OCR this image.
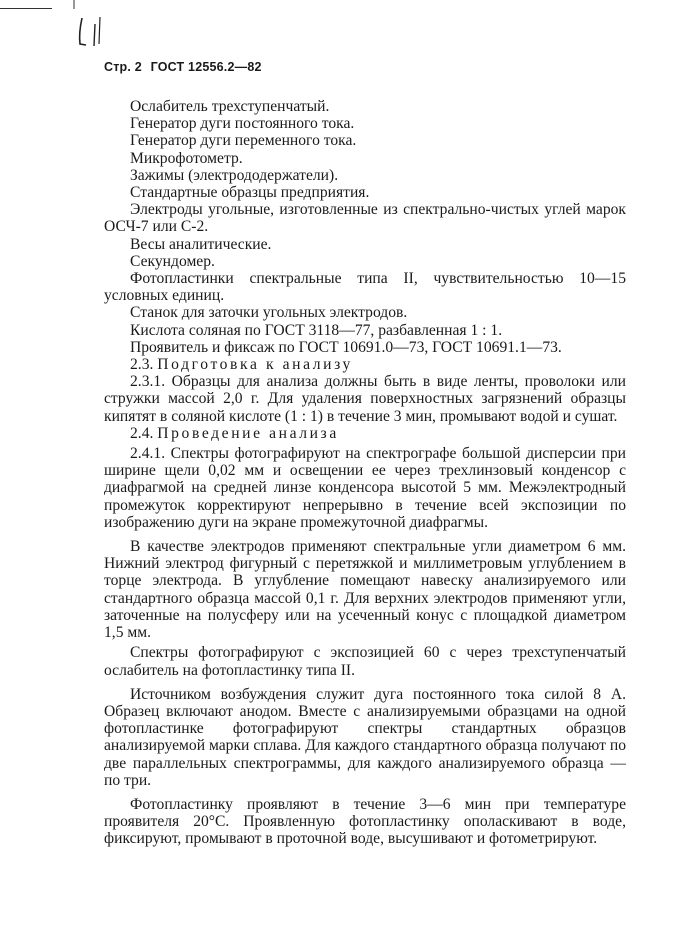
Стр. 2 ГОСТ 12556.2—82

Ослабитель трехступенчатый.

Генератор дуги постоянного тока.

Генератор дуги переменного тока.

Микрофотометр.

Зажимы (электрододержатели).

Стандартные образцы предприятия.

Электроды угольные, изготовленные из спектрально-чистых углей марок ОСЧ-7 или С-2.

Весы аналитические.

Секундомер.

Фотопластинки спектральные типа II, чувствительностью 10—15 условных единиц.

Станок для заточки угольных электродов.

Кислота соляная по ГОСТ 3118—77, разбавленная 1 : 1.

Проявитель и фиксаж по ГОСТ 10691.0—73, ГОСТ 10691.1—73.

2.3. Подготовка к анализу

2.3.1. Образцы для анализа должны быть в виде ленты, проволоки или стружки массой 2,0 г. Для удаления поверхностных загрязнений образцы кипятят в соляной кислоте (1 : 1) в течение 3 мин, промывают водой и сушат.

2.4. Проведение анализа

2.4.1. Спектры фотографируют на спектрографе большой дисперсии при ширине щели 0,02 мм и освещении ее через трехлинзовый конденсор с диафрагмой на средней линзе конденсора высотой 5 мм. Межэлектродный промежуток корректируют непрерывно в течение всей экспозиции по изображению дуги на экране промежуточной диафрагмы.

В качестве электродов применяют спектральные угли диаметром 6 мм. Нижний электрод фигурный с перетяжкой и миллиметровым углублением в торце электрода. В углубление помещают навеску анализируемого или стандартного образца массой 0,1 г. Для верхних электродов применяют угли, заточенные на полусферу или на усеченный конус с площадкой диаметром 1,5 мм.

Спектры фотографируют с экспозицией 60 с через трехступенчатый ослабитель на фотопластинку типа II.

Источником возбуждения служит дуга постоянного тока силой 8 А. Образец включают анодом. Вместе с анализируемыми образцами на одной фотопластинке фотографируют спектры стандартных образцов анализируемой марки сплава. Для каждого стандартного образца получают по две параллельных спектрограммы, для каждого анализируемого образца — по три.

Фотопластинку проявляют в течение 3—6 мин при температуре проявителя 20°С. Проявленную фотопластинку ополаскивают в воде, фиксируют, промывают в проточной воде, высушивают и фотометрируют.
